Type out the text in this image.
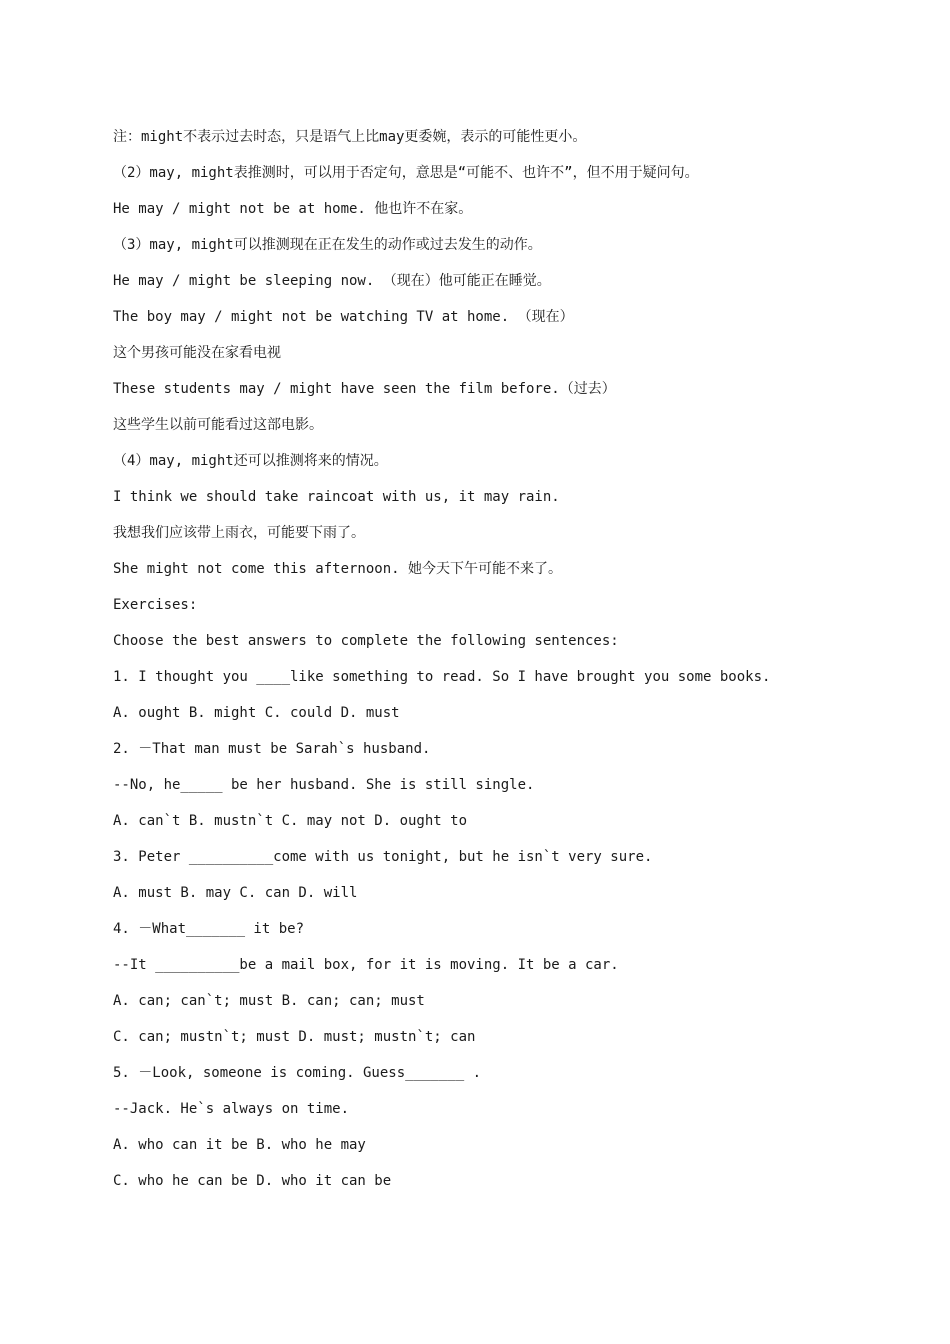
注：might不表示过去时态，只是语气上比may更委婉，表示的可能性更小。
（2）may, might表推测时，可以用于否定句，意思是“可能不、也许不”，但不用于疑问句。
He may / might not be at home. 他也许不在家。
（3）may, might可以推测现在正在发生的动作或过去发生的动作。
He may / might be sleeping now. （现在）他可能正在睡觉。
The boy may / might not be watching TV at home. （现在）
这个男孩可能没在家看电视
These students may / might have seen the film before.（过去）
这些学生以前可能看过这部电影。
（4）may, might还可以推测将来的情况。
I think we should take raincoat with us, it may rain.
我想我们应该带上雨衣，可能要下雨了。
She might not come this afternoon. 她今天下午可能不来了。
Exercises:
Choose the best answers to complete the following sentences:
1. I thought you ____like something to read. So I have brought you some books.
A. ought B. might C. could D. must
2. －That man must be Sarah`s husband.
--No, he_____ be her husband. She is still single.
A. can`t B. mustn`t C. may not D. ought to
3. Peter __________come with us tonight, but he isn`t very sure.
A. must B. may C. can D. will
4. －What_______ it be?
--It __________be a mail box, for it is moving. It be a car.
A. can; can`t; must B. can; can; must
C. can; mustn`t; must D. must; mustn`t; can
5. －Look, someone is coming. Guess_______ .
--Jack. He`s always on time.
A. who can it be B. who he may
C. who he can be D. who it can be
